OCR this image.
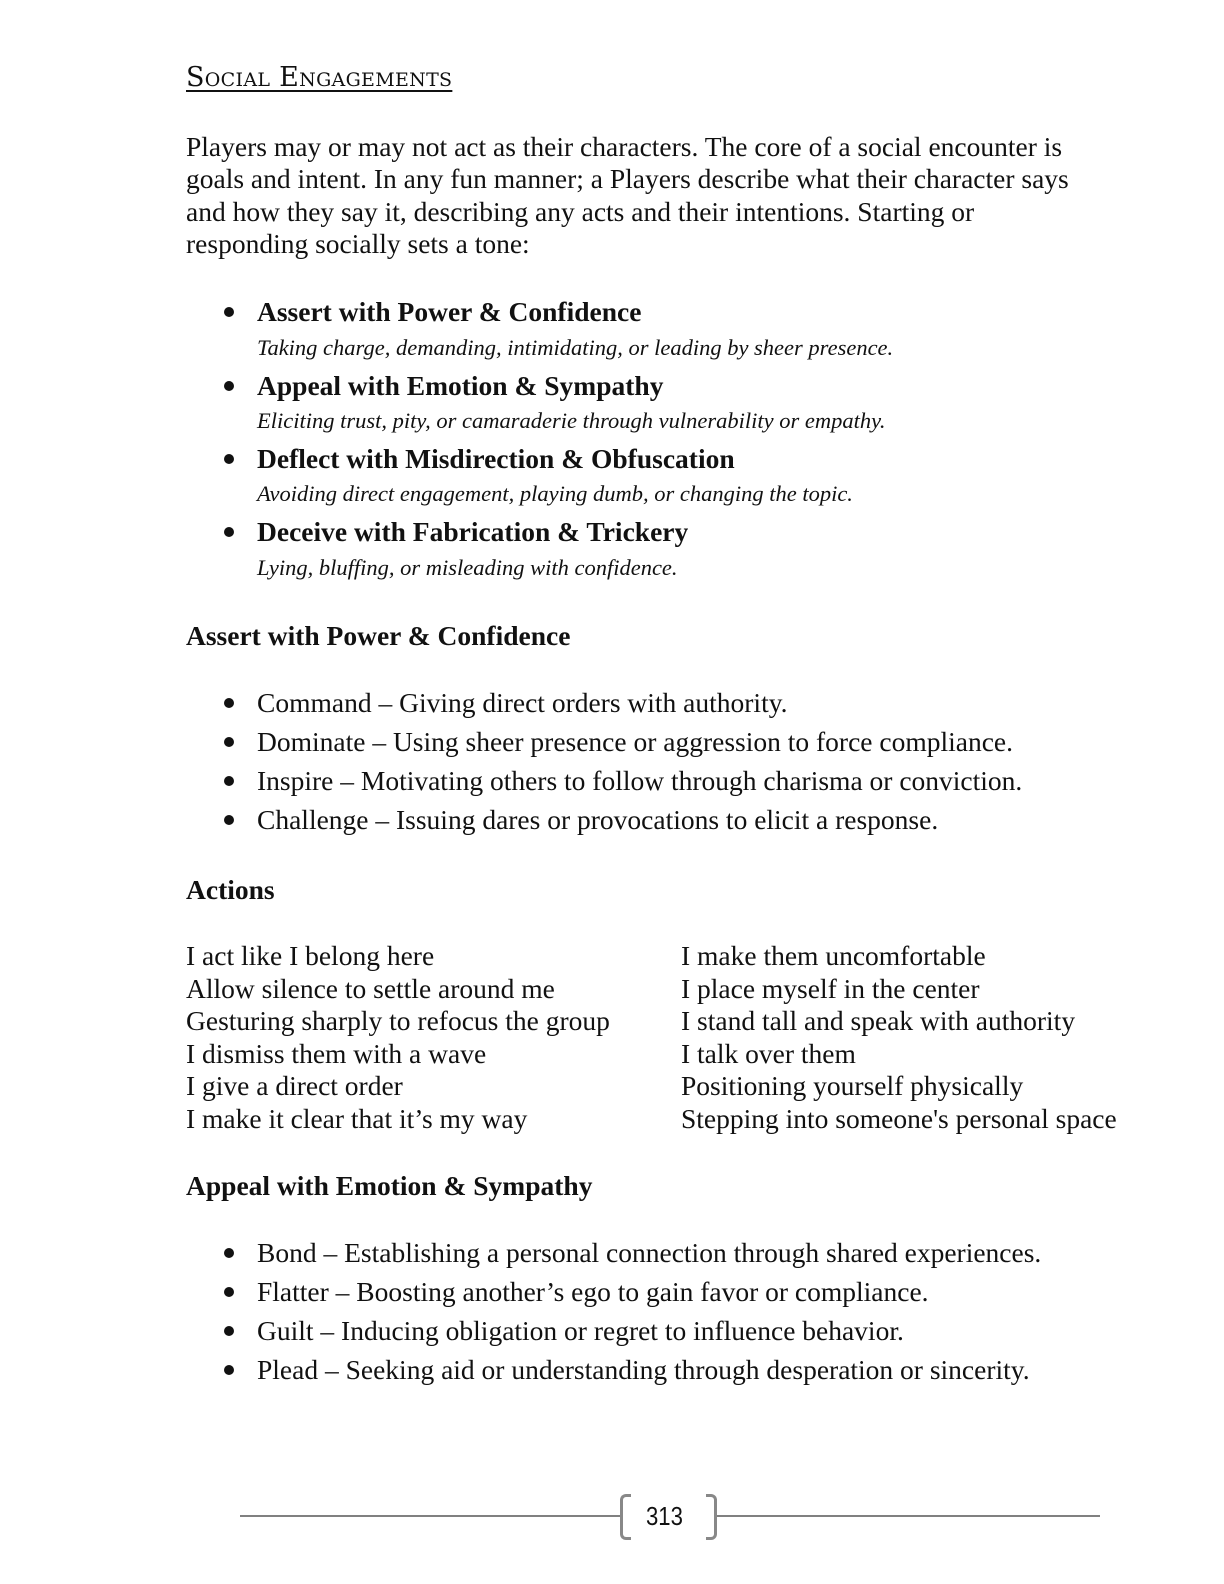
Social Engagements
Players may or may not act as their characters. The core of a social encounter is
goals and intent. In any fun manner; a Players describe what their character says
and how they say it, describing any acts and their intentions. Starting or
responding socially sets a tone:
Assert with Power & Confidence
Taking charge, demanding, intimidating, or leading by sheer presence.
Appeal with Emotion & Sympathy
Eliciting trust, pity, or camaraderie through vulnerability or empathy.
Deflect with Misdirection & Obfuscation
Avoiding direct engagement, playing dumb, or changing the topic.
Deceive with Fabrication & Trickery
Lying, bluffing, or misleading with confidence.
Assert with Power & Confidence
Command – Giving direct orders with authority.
Dominate – Using sheer presence or aggression to force compliance.
Inspire – Motivating others to follow through charisma or conviction.
Challenge – Issuing dares or provocations to elicit a response.
Actions
I act like I belong here
Allow silence to settle around me
Gesturing sharply to refocus the group
I dismiss them with a wave
I give a direct order
I make it clear that it’s my way
I make them uncomfortable
I place myself in the center
I stand tall and speak with authority
I talk over them
Positioning yourself physically
Stepping into someone's personal space
Appeal with Emotion & Sympathy
Bond – Establishing a personal connection through shared experiences.
Flatter – Boosting another’s ego to gain favor or compliance.
Guilt – Inducing obligation or regret to influence behavior.
Plead – Seeking aid or understanding through desperation or sincerity.
313
